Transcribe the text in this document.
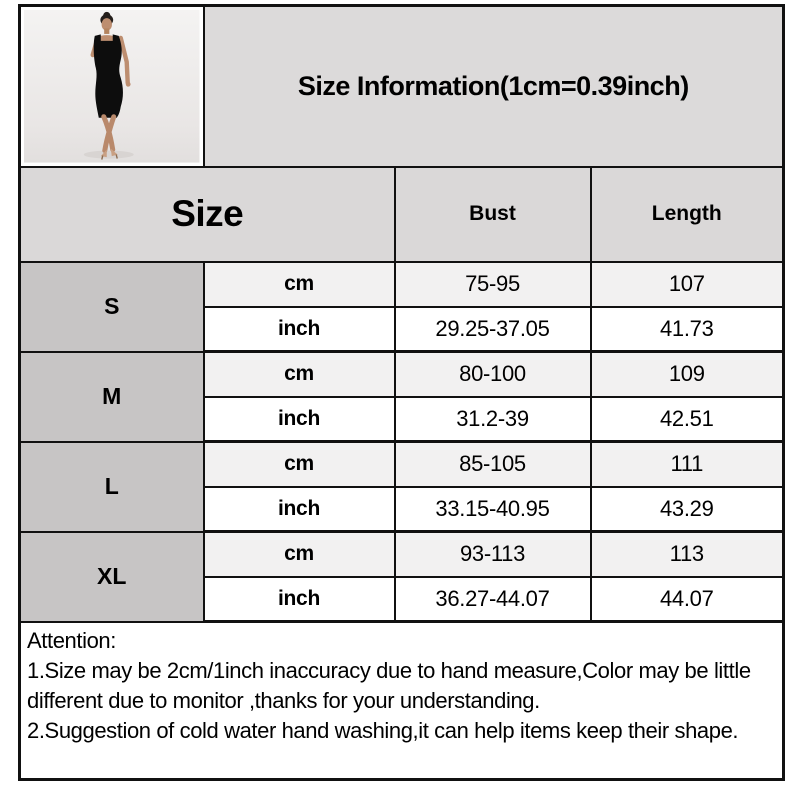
	Size Information(1cm=0.39inch)		
Size		Bust	Length
S	cm	75-95	107
	inch	29.25-37.05	41.73
M	cm	80-100	109
	inch	31.2-39	42.51
L	cm	85-105	111
	inch	33.15-40.95	43.29
XL	cm	93-113	113
	inch	36.27-44.07	44.07

Attention:
1.Size may be 2cm/1inch inaccuracy due to hand measure,Color may be little
different due to monitor ,thanks for your understanding.
2.Suggestion of cold water hand washing,it can help items keep their shape.			
